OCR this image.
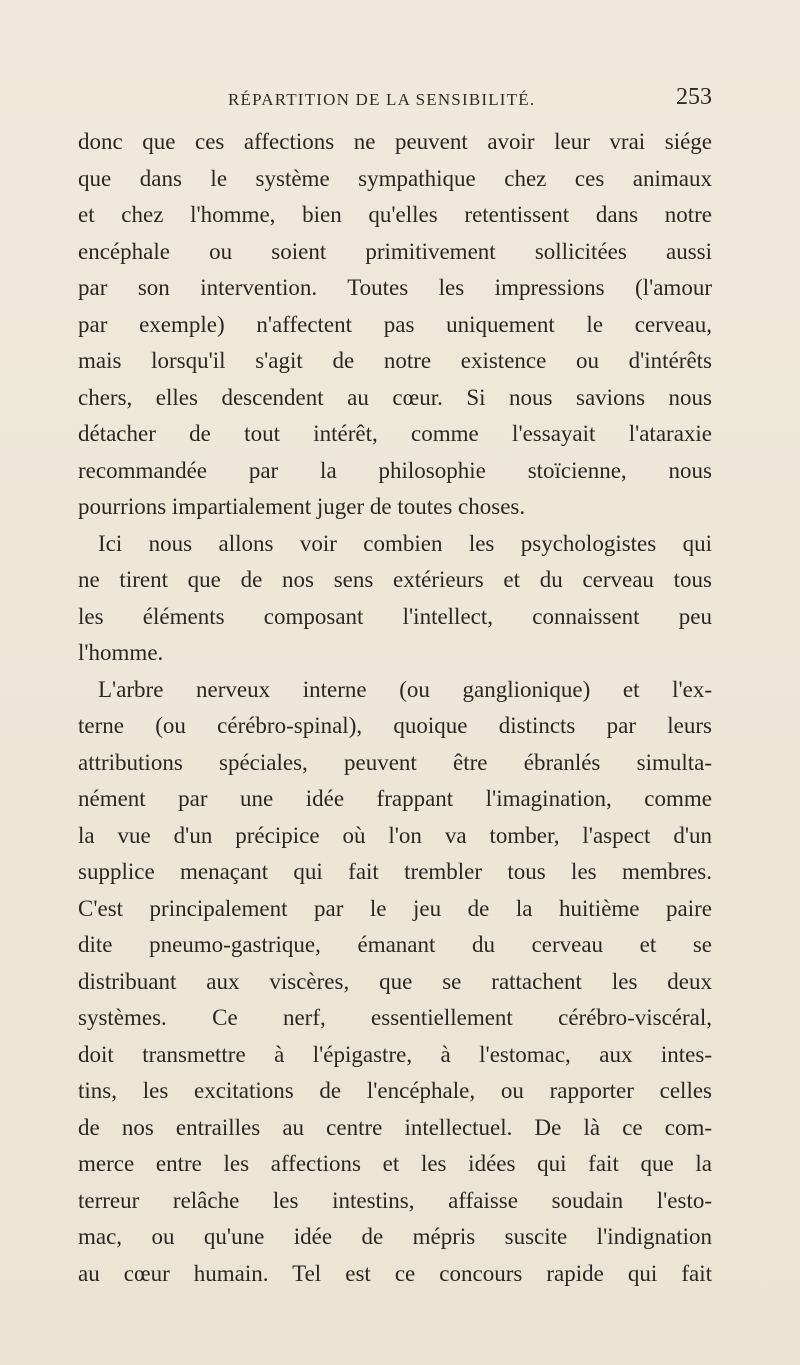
RÉPARTITION DE LA SENSIBILITÉ.	253
donc que ces affections ne peuvent avoir leur vrai siége
que dans le système sympathique chez ces animaux
et chez l'homme, bien qu'elles retentissent dans notre
encéphale ou soient primitivement sollicitées aussi
par son intervention. Toutes les impressions (l'amour
par exemple) n'affectent pas uniquement le cerveau,
mais lorsqu'il s'agit de notre existence ou d'intérêts
chers, elles descendent au cœur. Si nous savions nous
détacher de tout intérêt, comme l'essayait l'ataraxie
recommandée par la philosophie stoïcienne, nous
pourrions impartialement juger de toutes choses.
Ici nous allons voir combien les psychologistes qui
ne tirent que de nos sens extérieurs et du cerveau tous
les éléments composant l'intellect, connaissent peu
l'homme.
L'arbre nerveux interne (ou ganglionique) et l'ex-
terne (ou cérébro-spinal), quoique distincts par leurs
attributions spéciales, peuvent être ébranlés simulta-
nément par une idée frappant l'imagination, comme
la vue d'un précipice où l'on va tomber, l'aspect d'un
supplice menaçant qui fait trembler tous les membres.
C'est principalement par le jeu de la huitième paire
dite pneumo-gastrique, émanant du cerveau et se
distribuant aux viscères, que se rattachent les deux
systèmes. Ce nerf, essentiellement cérébro-viscéral,
doit transmettre à l'épigastre, à l'estomac, aux intes-
tins, les excitations de l'encéphale, ou rapporter celles
de nos entrailles au centre intellectuel. De là ce com-
merce entre les affections et les idées qui fait que la
terreur relâche les intestins, affaisse soudain l'esto-
mac, ou qu'une idée de mépris suscite l'indignation
au cœur humain. Tel est ce concours rapide qui fait
